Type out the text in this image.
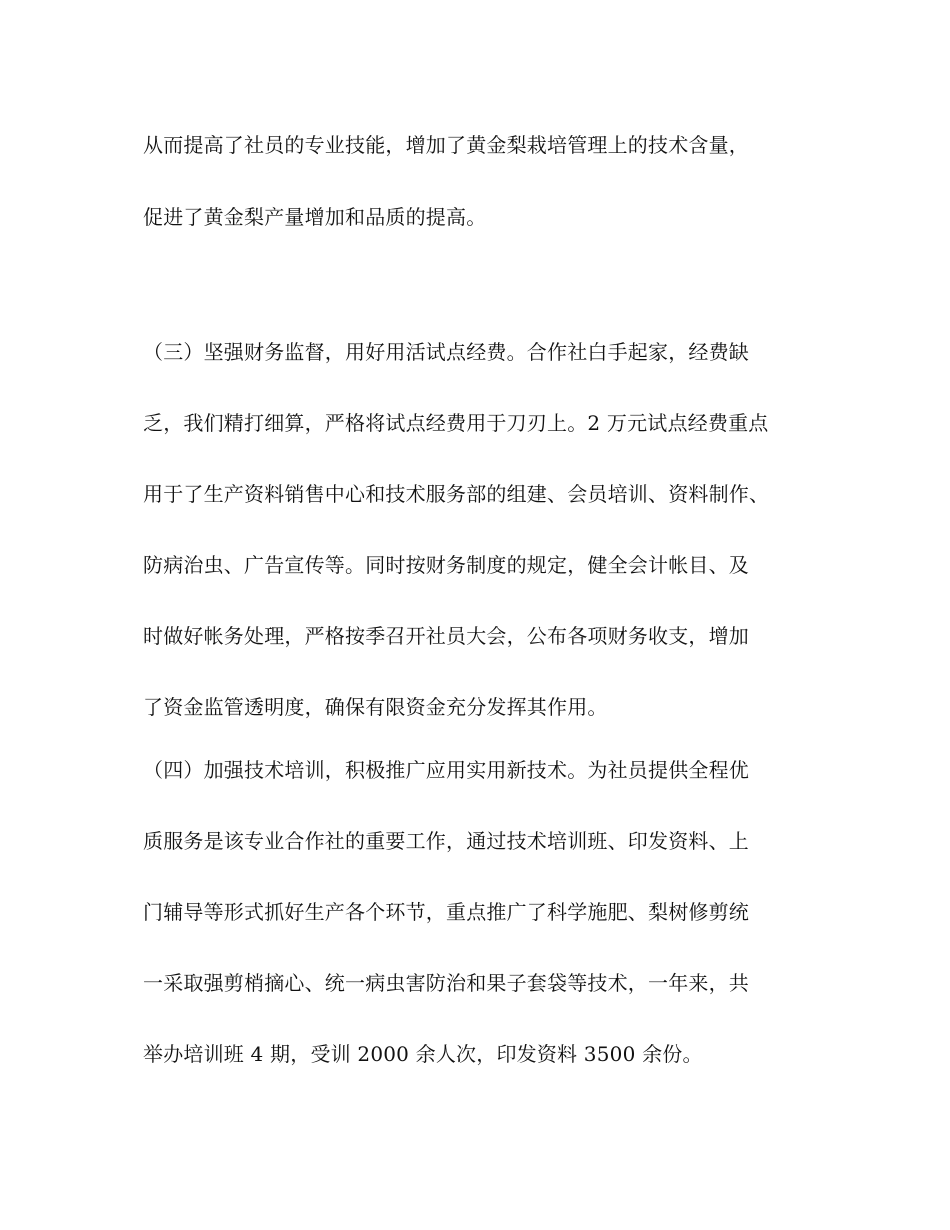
从而提高了社员的专业技能，增加了黄金梨栽培管理上的技术含量，
促进了黄金梨产量增加和品质的提高。
（三）坚强财务监督，用好用活试点经费。合作社白手起家，经费缺
乏，我们精打细算，严格将试点经费用于刀刃上。2 万元试点经费重点
用于了生产资料销售中心和技术服务部的组建、会员培训、资料制作、
防病治虫、广告宣传等。同时按财务制度的规定，健全会计帐目、及
时做好帐务处理，严格按季召开社员大会，公布各项财务收支，增加
了资金监管透明度，确保有限资金充分发挥其作用。
（四）加强技术培训，积极推广应用实用新技术。为社员提供全程优
质服务是该专业合作社的重要工作，通过技术培训班、印发资料、上
门辅导等形式抓好生产各个环节，重点推广了科学施肥、梨树修剪统
一采取强剪梢摘心、统一病虫害防治和果子套袋等技术，一年来，共
举办培训班 4 期，受训 2000 余人次，印发资料 3500 余份。
